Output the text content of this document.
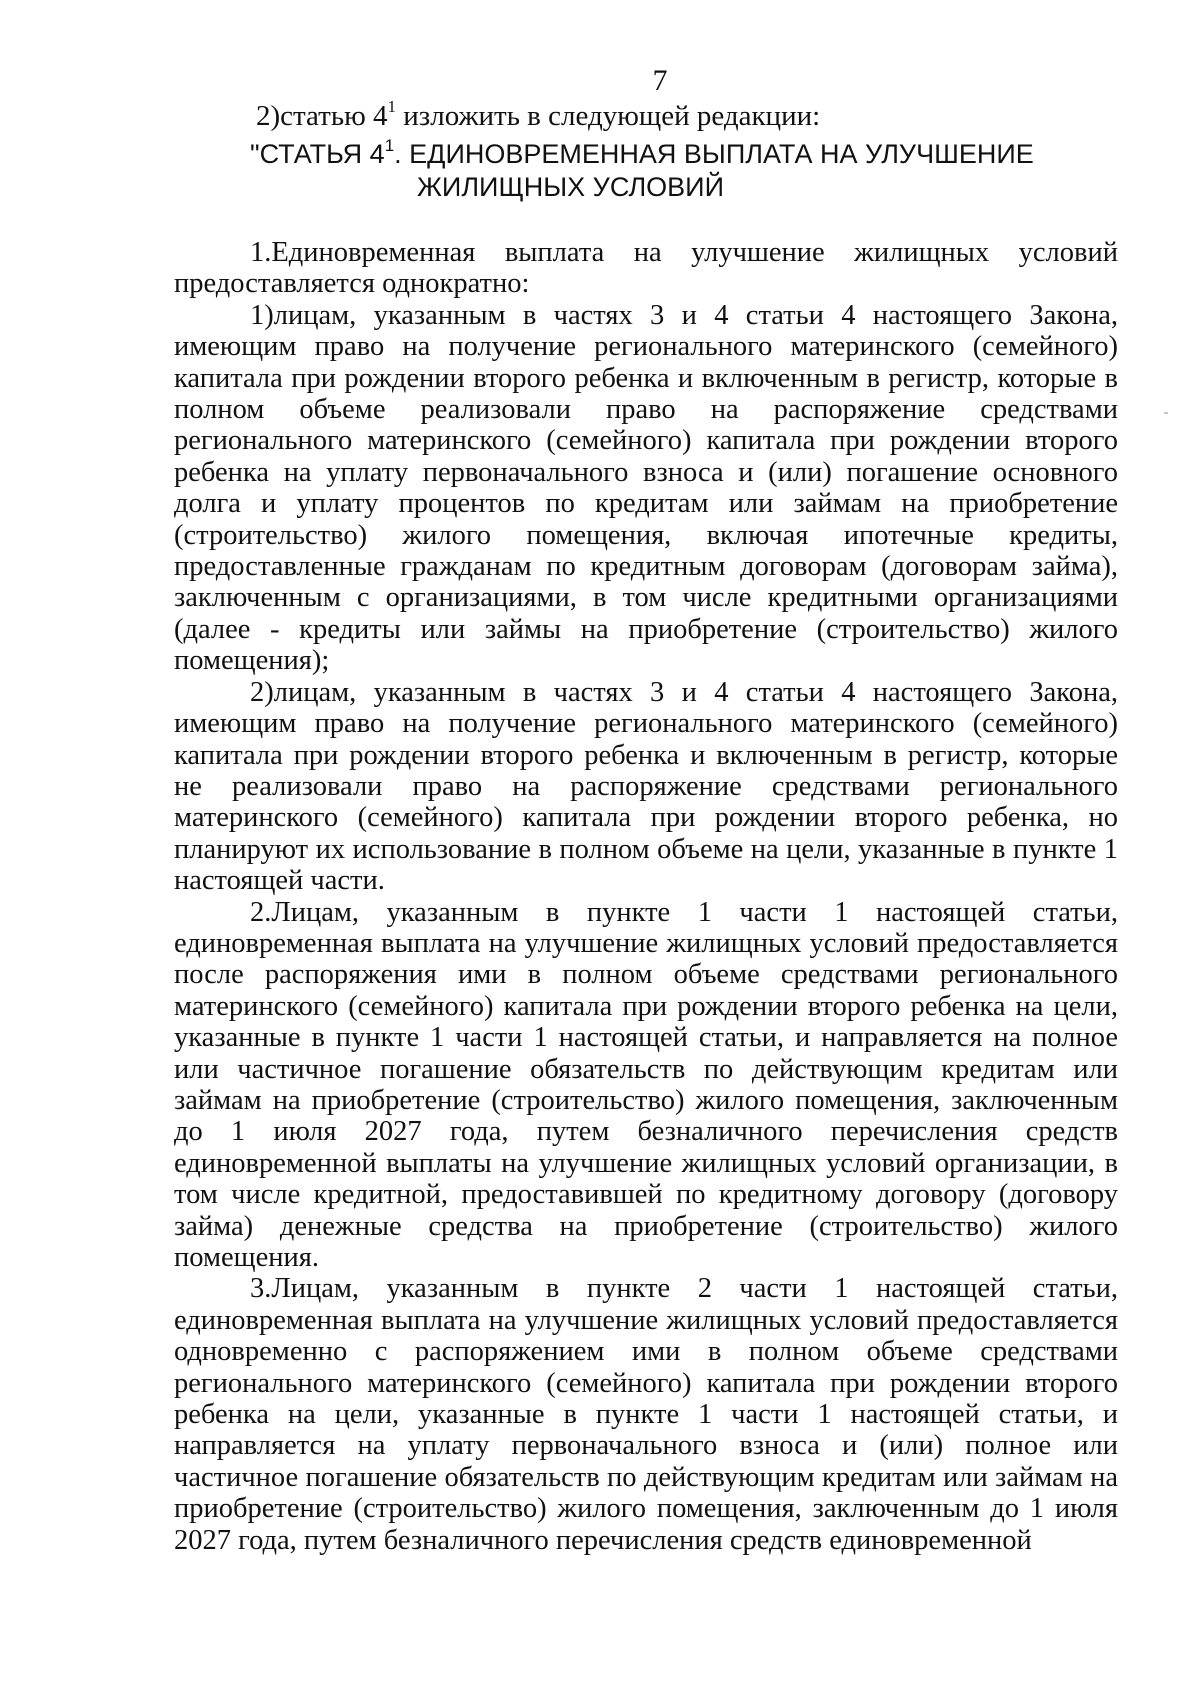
7
2)статью $4^1$ изложить в следующей редакции:
"СТАТЬЯ $4^1$. ЕДИНОВРЕМЕННАЯ ВЫПЛАТА НА УЛУЧШЕНИЕ
ЖИЛИЩНЫХ УСЛОВИЙ

1.Единовременная выплата на улучшение жилищных условий предоставляется однократно:

1)лицам, указанным в частях 3 и 4 статьи 4 настоящего Закона, имеющим право на получение регионального материнского (семейного) капитала при рождении второго ребенка и включенным в регистр, которые в полном объеме реализовали право на распоряжение средствами регионального материнского (семейного) капитала при рождении второго ребенка на уплату первоначального взноса и (или) погашение основного долга и уплату процентов по кредитам или займам на приобретение (строительство) жилого помещения, включая ипотечные кредиты, предоставленные гражданам по кредитным договорам (договорам займа), заключенным с организациями, в том числе кредитными организациями (далее - кредиты или займы на приобретение (строительство) жилого помещения);

2)лицам, указанным в частях 3 и 4 статьи 4 настоящего Закона, имеющим право на получение регионального материнского (семейного) капитала при рождении второго ребенка и включенным в регистр, которые не реализовали право на распоряжение средствами регионального материнского (семейного) капитала при рождении второго ребенка, но планируют их использование в полном объеме на цели, указанные в пункте 1 настоящей части.

2.Лицам, указанным в пункте 1 части 1 настоящей статьи, единовременная выплата на улучшение жилищных условий предоставляется после распоряжения ими в полном объеме средствами регионального материнского (семейного) капитала при рождении второго ребенка на цели, указанные в пункте 1 части 1 настоящей статьи, и направляется на полное или частичное погашение обязательств по действующим кредитам или займам на приобретение (строительство) жилого помещения, заключенным до 1 июля 2027 года, путем безналичного перечисления средств единовременной выплаты на улучшение жилищных условий организации, в том числе кредитной, предоставившей по кредитному договору (договору займа) денежные средства на приобретение (строительство) жилого помещения.

3.Лицам, указанным в пункте 2 части 1 настоящей статьи, единовременная выплата на улучшение жилищных условий предоставляется одновременно с распоряжением ими в полном объеме средствами регионального материнского (семейного) капитала при рождении второго ребенка на цели, указанные в пункте 1 части 1 настоящей статьи, и направляется на уплату первоначального взноса и (или) полное или частичное погашение обязательств по действующим кредитам или займам на приобретение (строительство) жилого помещения, заключенным до 1 июля 2027 года, путем безналичного перечисления средств единовременной
